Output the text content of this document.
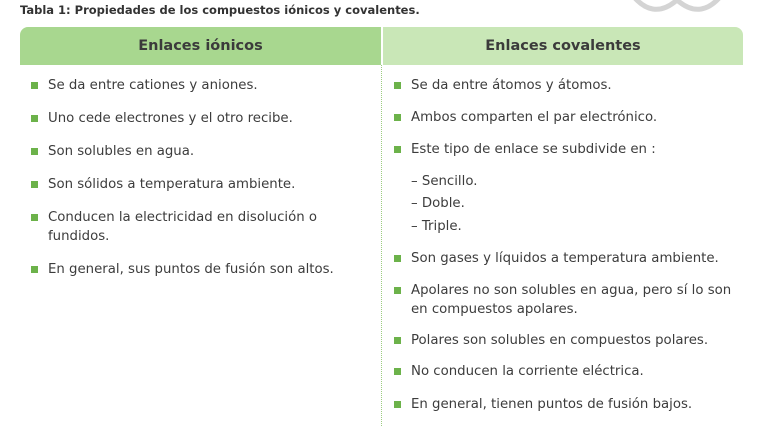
Tabla 1: Propiedades de los compuestos iónicos y covalentes.
Enlaces iónicos	Enlaces covalentes
Se da entre cationes y aniones.
Uno cede electrones y el otro recibe.
Son solubles en agua.
Son sólidos a temperatura ambiente.
Conducen la electricidad en disolución o fundidos.
En general, sus puntos de fusión son altos.
Se da entre átomos y átomos.
Ambos comparten el par electrónico.
Este tipo de enlace se subdivide en :
– Sencillo.
– Doble.
– Triple.
Son gases y líquidos a temperatura ambiente.
Apolares no son solubles en agua, pero sí lo son en compuestos apolares.
Polares son solubles en compuestos polares.
No conducen la corriente eléctrica.
En general, tienen puntos de fusión bajos.
